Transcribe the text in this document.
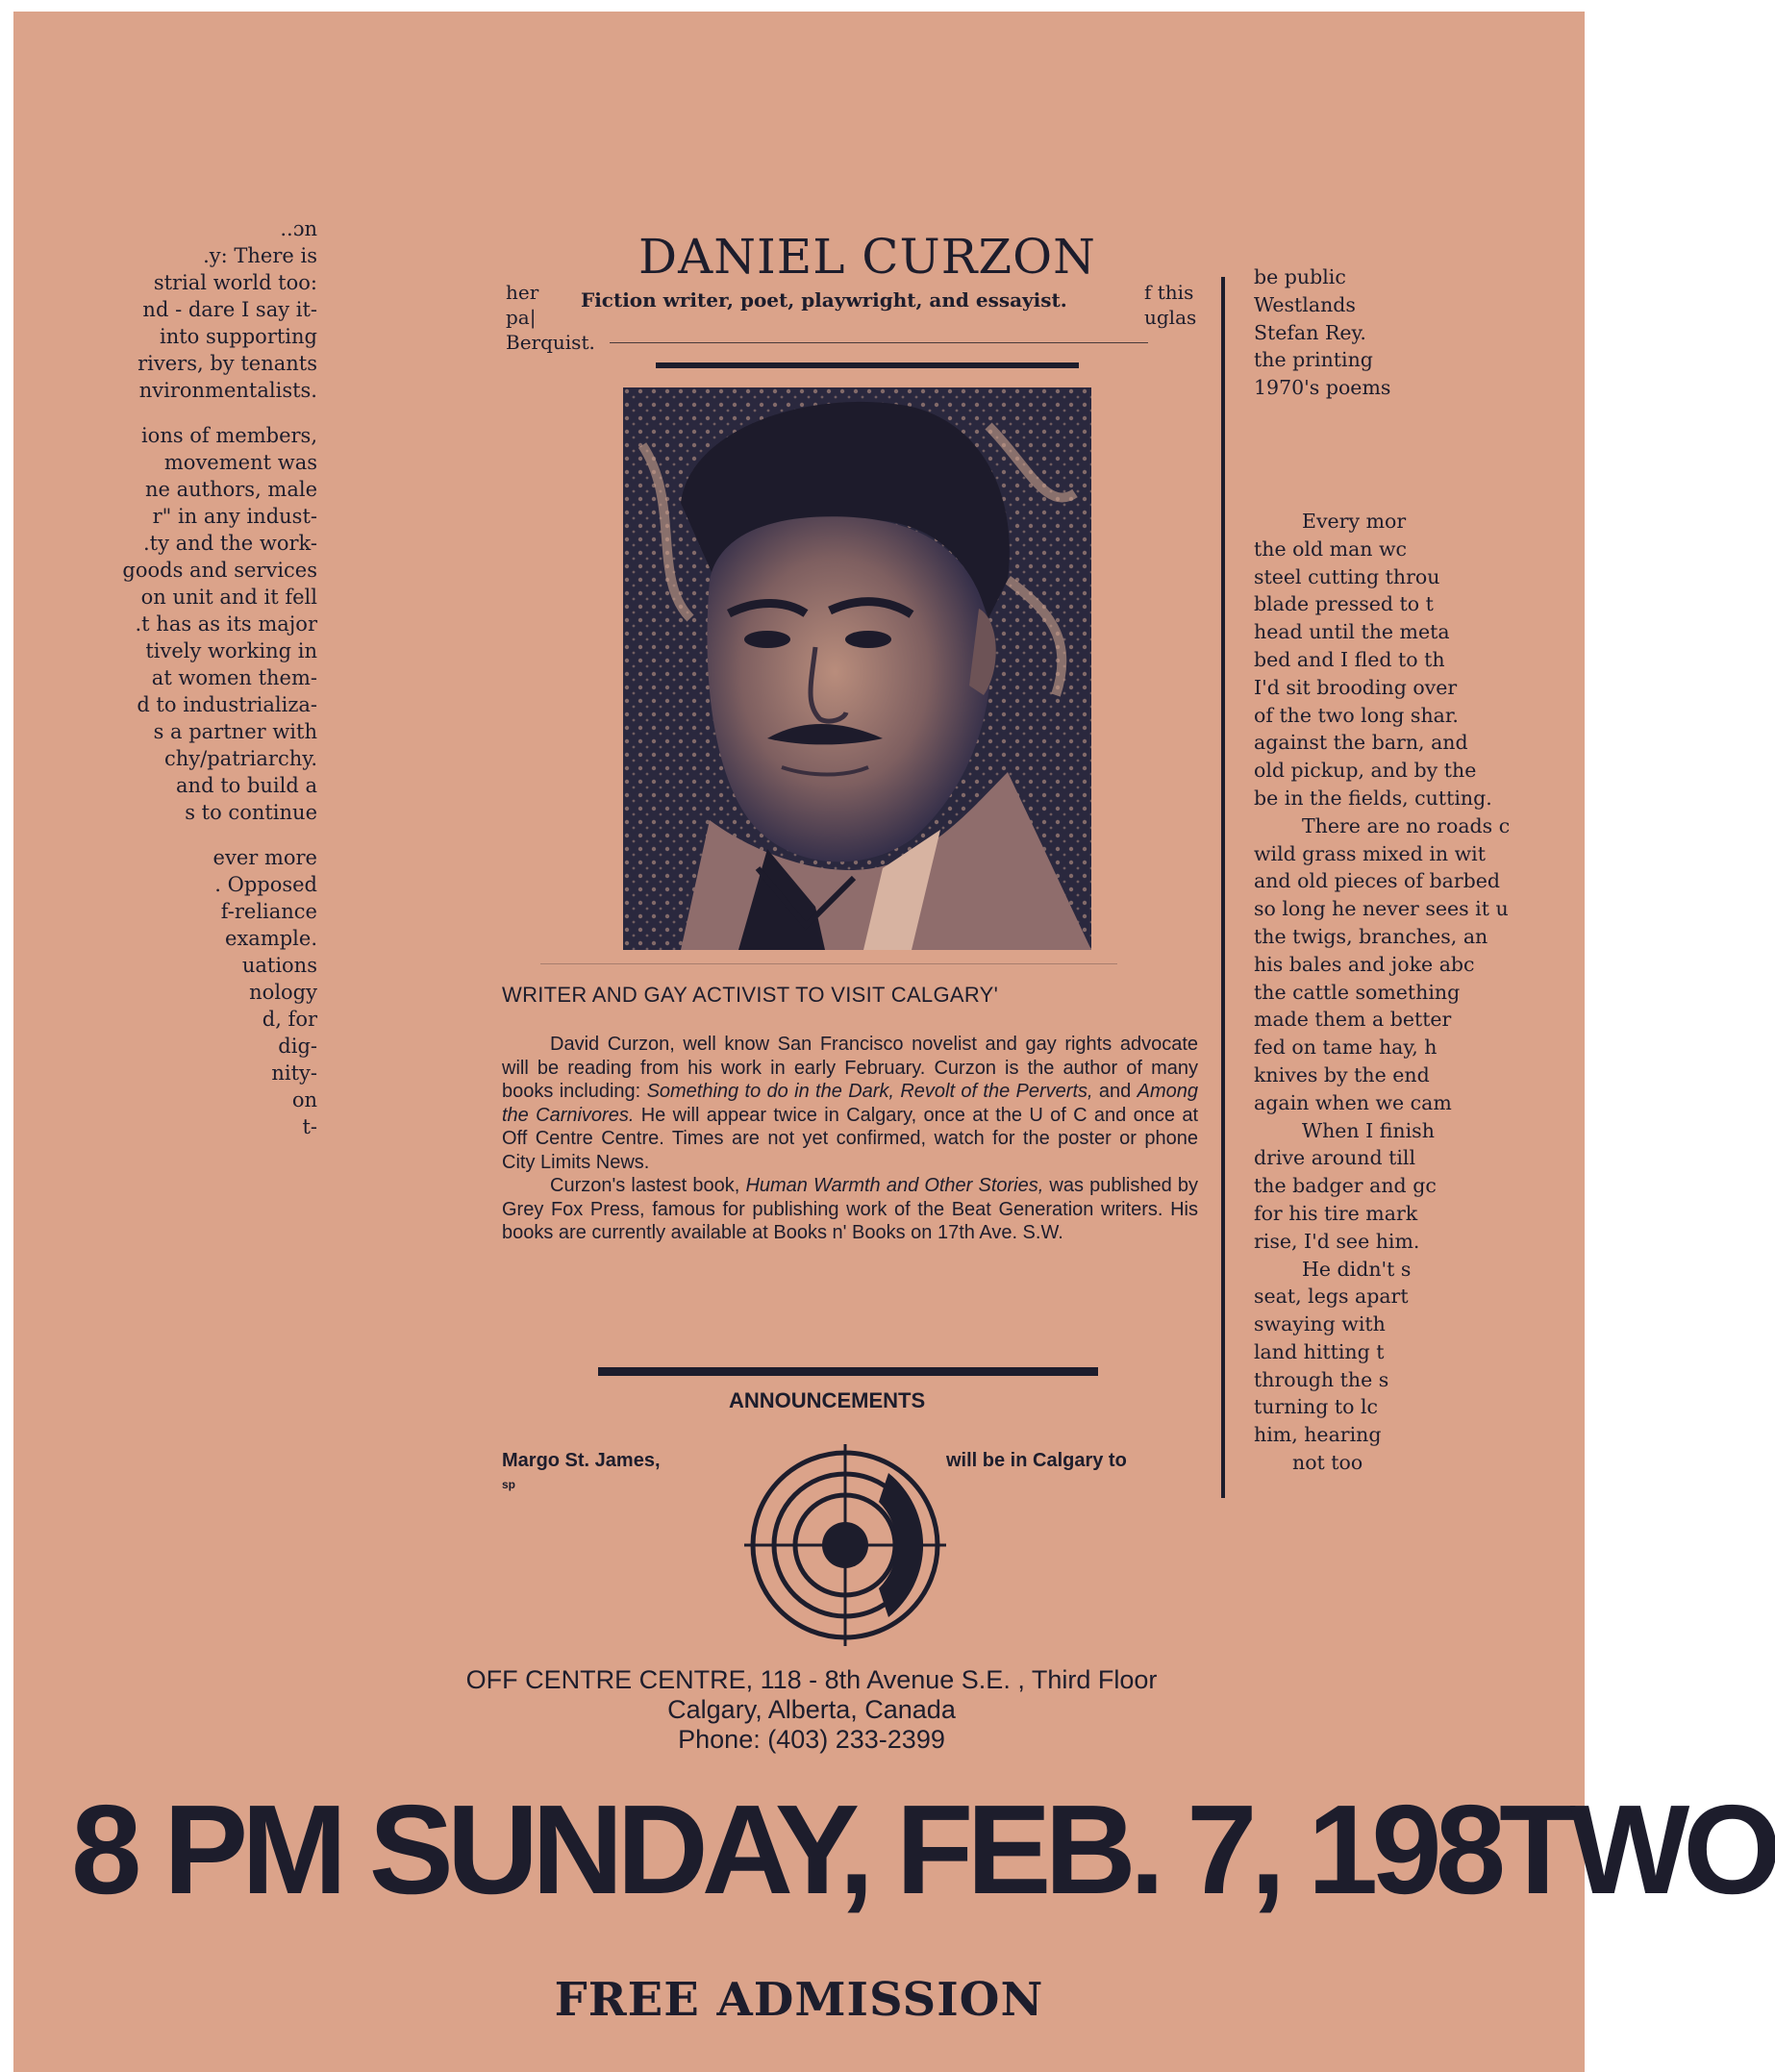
..ɔn
.y: There is
strial world too:
nd - dare I say it-
into supporting
rivers, by tenants
nvironmentalists.
ions of members,
movement was
ne authors, male
r" in any indust-
.ty and the work-
goods and services
on unit and it fell
.t has as its major
tively working in
at women them-
d to industrializa-
s a partner with
chy/patriarchy.
and to build a
s to continue
ever more
. Opposed
f-reliance
example.
uations
nology
d, for
dig-
nity-
on
t-
her
pa|
Berquist.
DANIEL CURZON
Fiction writer, poet, playwright, and essayist.	f this
uglas
WRITER AND GAY ACTIVIST TO VISIT CALGARY'

David Curzon, well know San Francisco novelist and gay rights advocate will be reading from his work in early February. Curzon is the author of many books including: Something to do in the Dark, Revolt of the Perverts, and Among the Carnivores. He will appear twice in Calgary, once at the U of C and once at Off Centre Centre. Times are not yet confirmed, watch for the poster or phone City Limits News.

Curzon's lastest book, Human Warmth and Other Stories, was published by Grey Fox Press, famous for publishing work of the Beat Generation writers. His books are currently available at Books n' Books on 17th Ave. S.W.

be public
Westlands
Stefan Rey.
the printing
1970's poems
Every mor
the old man wc
steel cutting throu
blade pressed to t
head until the meta
bed and I fled to th
I'd sit brooding over
of the two long shar.
against the barn, and
old pickup, and by the
be in the fields, cutting.
There are no roads c
wild grass mixed in wit
and old pieces of barbed
so long he never sees it u
the twigs, branches, an
his bales and joke abc
the cattle something
made them a better
fed on tame hay, h
knives by the end
again when we cam
When I finish
drive around till
the badger and gc
for his tire mark
rise, I'd see him.
He didn't s
seat, legs apart
swaying with
land hitting t
through the s
turning to lc
him, hearing
not too
ANNOUNCEMENTS
Margo St. James,
sp
will be in Calgary to
OFF CENTRE CENTRE, 118 - 8th Avenue S.E. , Third Floor
Calgary, Alberta, Canada
Phone: (403) 233-2399
8 PM SUNDAY, FEB. 7, 198TWO
FREE ADMISSION
